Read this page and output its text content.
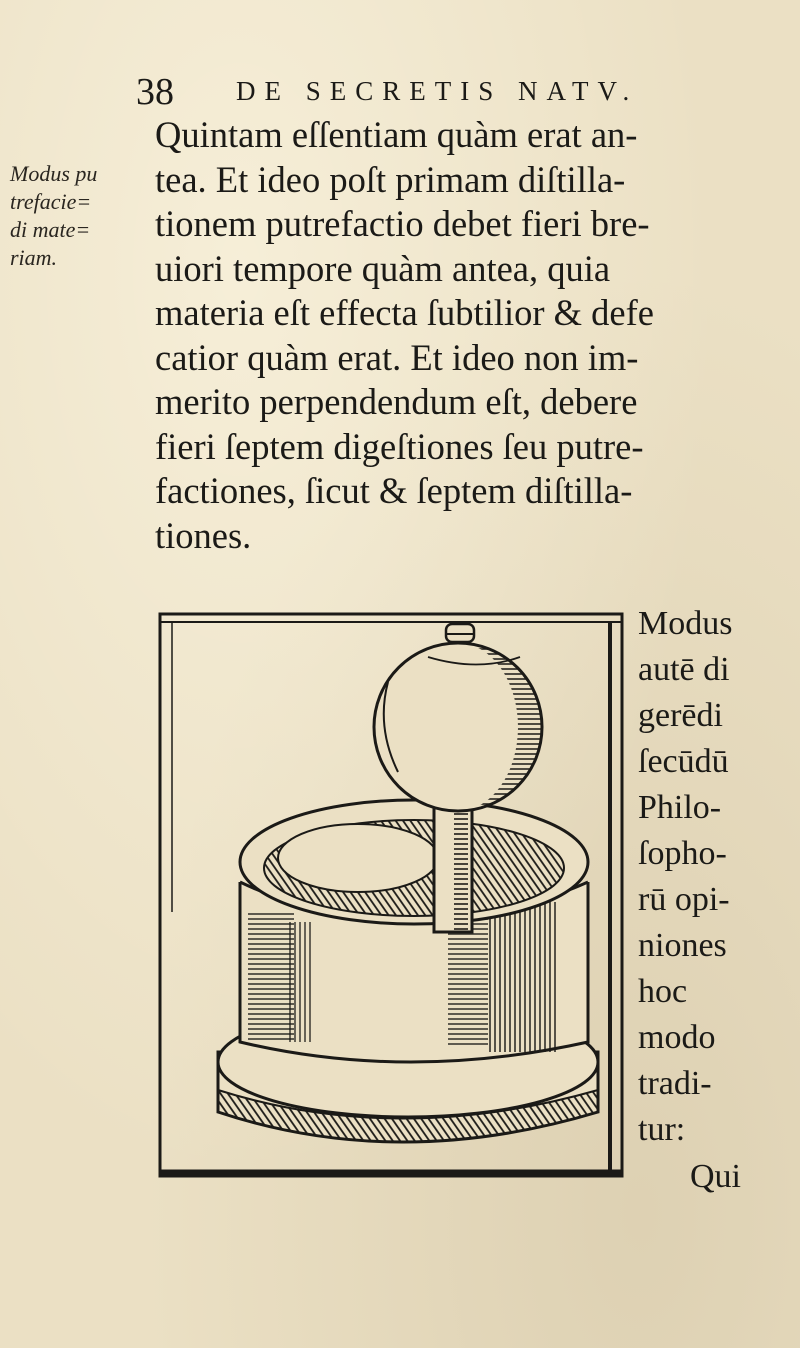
38 DE SECRETIS NATV.
Modus pu
trefacie=
di mate=
riam.
Quintam eſſentiam quàm erat an-
tea. Et ideo poſt primam diſtilla-
tionem putrefactio debet fieri bre-
uiori tempore quàm antea, quia
materia eſt effecta ſubtilior & defe
catior quàm erat. Et ideo non im-
merito perpendendum eſt, debere
fieri ſeptem digeſtiones ſeu putre-
factiones, ſicut & ſeptem diſtilla-
tiones.
Modus
autē di
gerēdi
ſecūdū
Philo-
ſopho-
rū opi-
niones
hoc
modo
tradi-
tur:
Qui
